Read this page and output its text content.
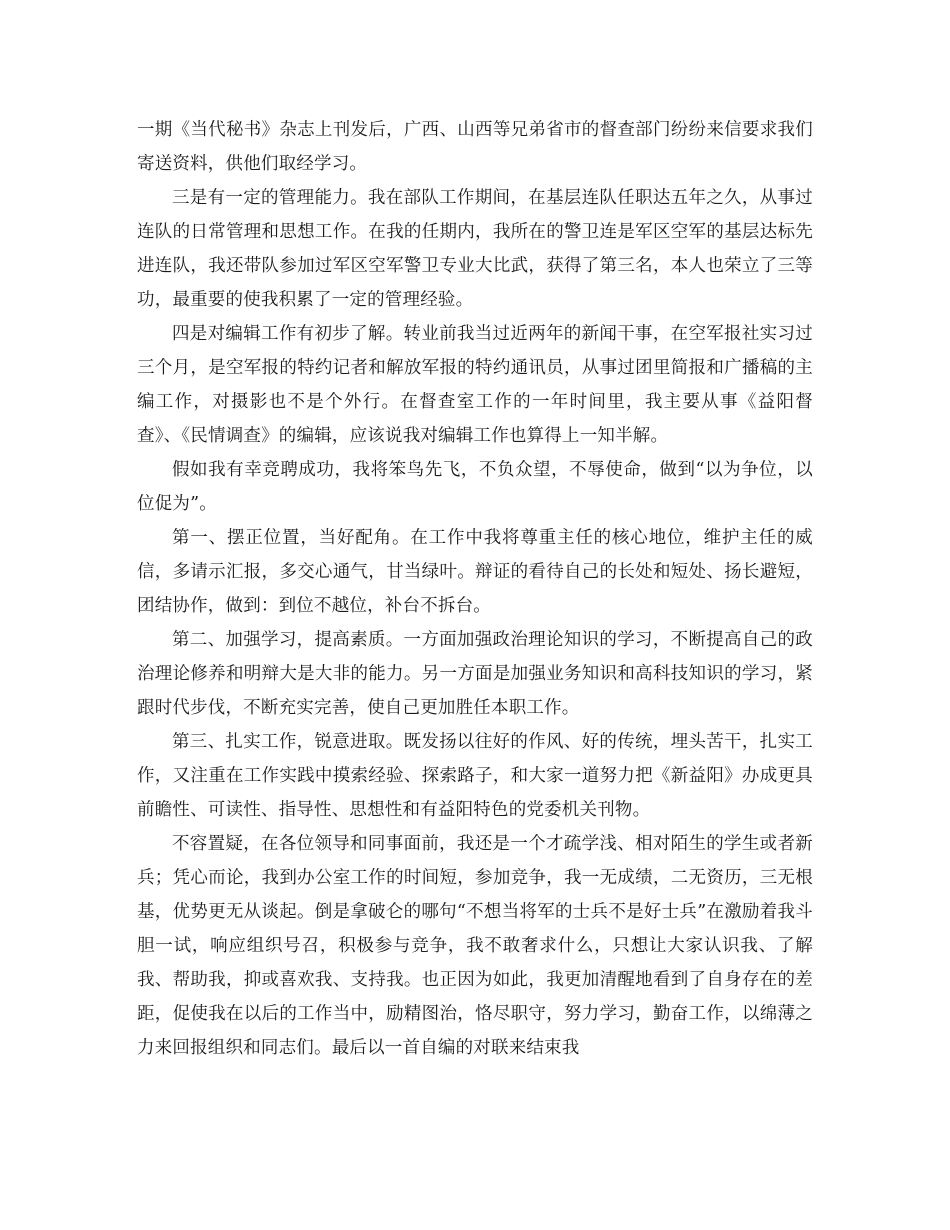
一期《当代秘书》杂志上刊发后，广西、山西等兄弟省市的督查部门纷纷来信要求我们寄送资料，供他们取经学习。

三是有一定的管理能力。我在部队工作期间，在基层连队任职达五年之久，从事过连队的日常管理和思想工作。在我的任期内，我所在的警卫连是军区空军的基层达标先进连队，我还带队参加过军区空军警卫专业大比武，获得了第三名，本人也荣立了三等功，最重要的使我积累了一定的管理经验。

四是对编辑工作有初步了解。转业前我当过近两年的新闻干事，在空军报社实习过三个月，是空军报的特约记者和解放军报的特约通讯员，从事过团里简报和广播稿的主编工作，对摄影也不是个外行。在督查室工作的一年时间里，我主要从事《益阳督查》、《民情调查》的编辑，应该说我对编辑工作也算得上一知半解。

假如我有幸竞聘成功，我将笨鸟先飞，不负众望，不辱使命，做到“以为争位，以位促为”。

第一、摆正位置，当好配角。在工作中我将尊重主任的核心地位，维护主任的威信，多请示汇报，多交心通气，甘当绿叶。辩证的看待自己的长处和短处、扬长避短，团结协作，做到：到位不越位，补台不拆台。

第二、加强学习，提高素质。一方面加强政治理论知识的学习，不断提高自己的政治理论修养和明辩大是大非的能力。另一方面是加强业务知识和高科技知识的学习，紧跟时代步伐，不断充实完善，使自己更加胜任本职工作。

第三、扎实工作，锐意进取。既发扬以往好的作风、好的传统，埋头苦干，扎实工作，又注重在工作实践中摸索经验、探索路子，和大家一道努力把《新益阳》办成更具前瞻性、可读性、指导性、思想性和有益阳特色的党委机关刊物。

不容置疑，在各位领导和同事面前，我还是一个才疏学浅、相对陌生的学生或者新兵；凭心而论，我到办公室工作的时间短，参加竞争，我一无成绩，二无资历，三无根基，优势更无从谈起。倒是拿破仑的哪句“不想当将军的士兵不是好士兵”在激励着我斗胆一试，响应组织号召，积极参与竞争，我不敢奢求什么，只想让大家认识我、了解我、帮助我，抑或喜欢我、支持我。也正因为如此，我更加清醒地看到了自身存在的差距，促使我在以后的工作当中，励精图治，恪尽职守，努力学习，勤奋工作，以绵薄之力来回报组织和同志们。最后以一首自编的对联来结束我
